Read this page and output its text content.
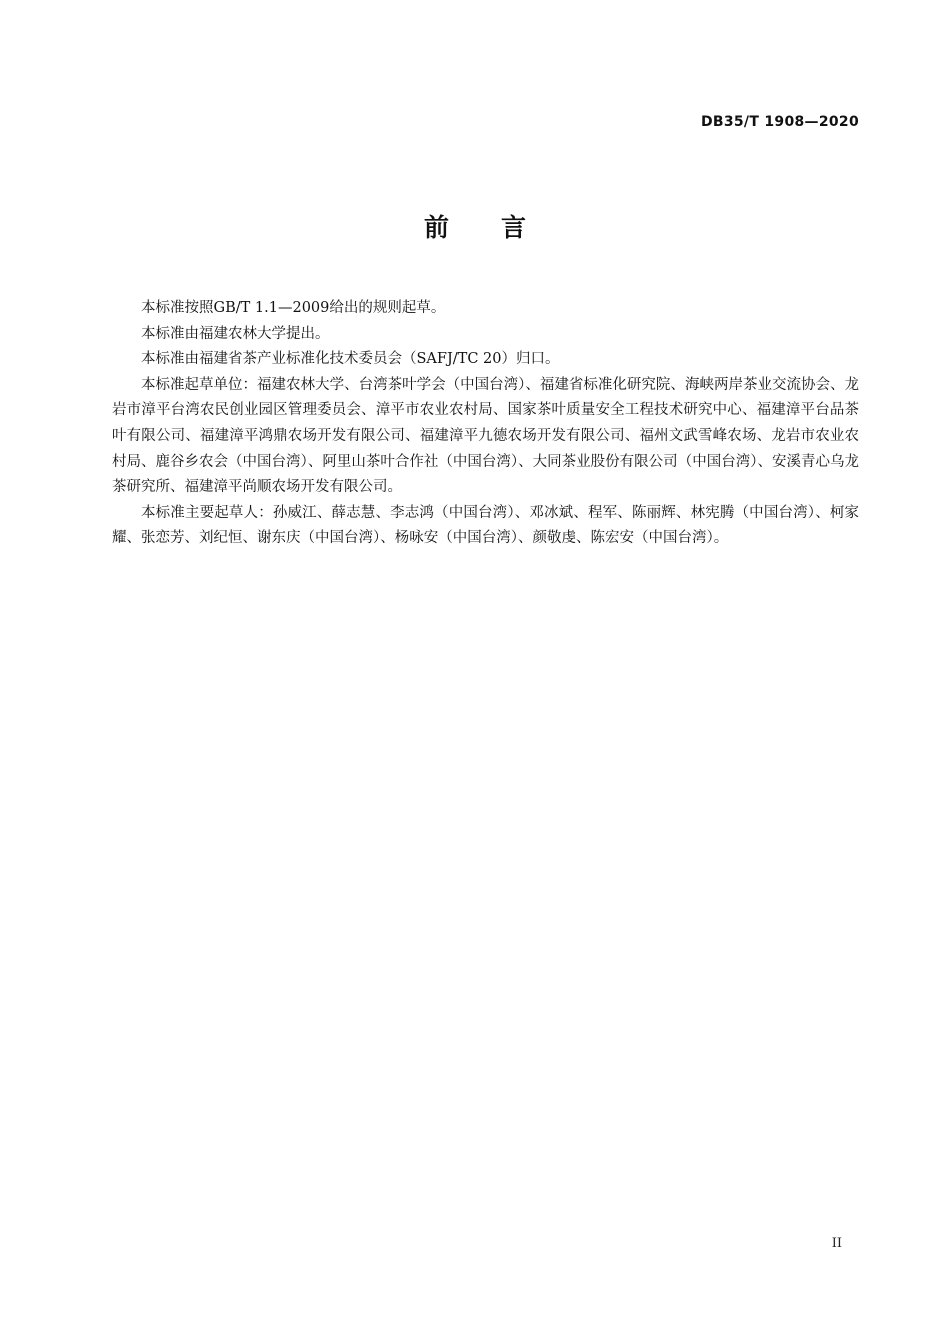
DB35/T 1908—2020
前 言

本标准按照GB/T 1.1—2009给出的规则起草。

本标准由福建农林大学提出。

本标准由福建省茶产业标准化技术委员会（SAFJ/TC 20）归口。

本标准起草单位：福建农林大学、台湾茶叶学会（中国台湾）、福建省标准化研究院、海峡两岸茶业交流协会、龙岩市漳平台湾农民创业园区管理委员会、漳平市农业农村局、国家茶叶质量安全工程技术研究中心、福建漳平台品茶叶有限公司、福建漳平鸿鼎农场开发有限公司、福建漳平九德农场开发有限公司、福州文武雪峰农场、龙岩市农业农村局、鹿谷乡农会（中国台湾）、阿里山茶叶合作社（中国台湾）、大同茶业股份有限公司（中国台湾）、安溪青心乌龙茶研究所、福建漳平尚顺农场开发有限公司。

本标准主要起草人：孙威江、薛志慧、李志鸿（中国台湾）、邓冰斌、程军、陈丽辉、林宪腾（中国台湾）、柯家耀、张恋芳、刘纪恒、谢东庆（中国台湾）、杨咏安（中国台湾）、颜敬虔、陈宏安（中国台湾）。

II
